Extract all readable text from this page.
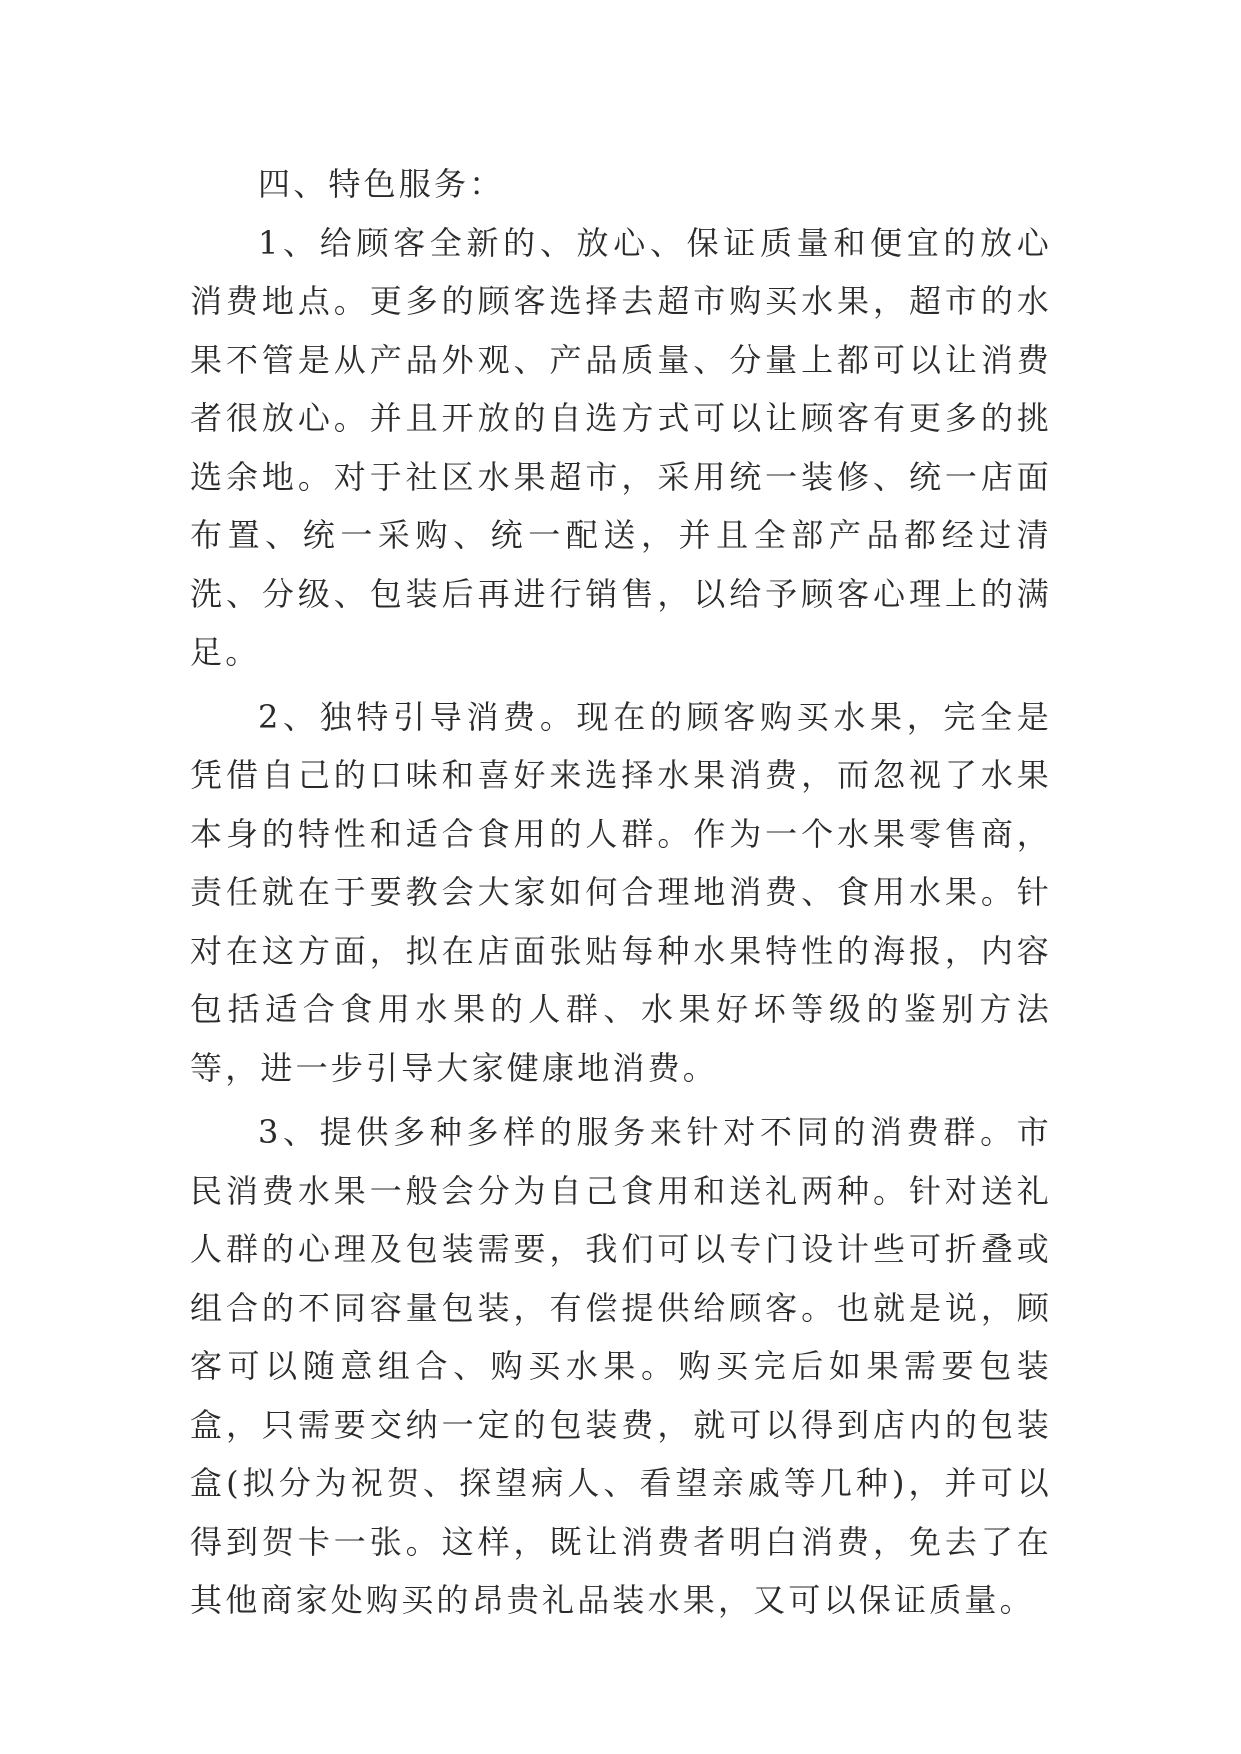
四、特色服务：

1、给顾客全新的、放心、保证质量和便宜的放心消费地点。更多的顾客选择去超市购买水果，超市的水果不管是从产品外观、产品质量、分量上都可以让消费者很放心。并且开放的自选方式可以让顾客有更多的挑选余地。对于社区水果超市，采用统一装修、统一店面布置、统一采购、统一配送，并且全部产品都经过清洗、分级、包装后再进行销售，以给予顾客心理上的满足。

2、独特引导消费。现在的顾客购买水果，完全是凭借自己的口味和喜好来选择水果消费，而忽视了水果本身的特性和适合食用的人群。作为一个水果零售商，责任就在于要教会大家如何合理地消费、食用水果。针对在这方面，拟在店面张贴每种水果特性的海报，内容包括适合食用水果的人群、水果好坏等级的鉴别方法等，进一步引导大家健康地消费。

3、提供多种多样的服务来针对不同的消费群。市民消费水果一般会分为自己食用和送礼两种。针对送礼人群的心理及包装需要，我们可以专门设计些可折叠或组合的不同容量包装，有偿提供给顾客。也就是说，顾客可以随意组合、购买水果。购买完后如果需要包装盒，只需要交纳一定的包装费，就可以得到店内的包装盒(拟分为祝贺、探望病人、看望亲戚等几种)，并可以得到贺卡一张。这样，既让消费者明白消费，免去了在其他商家处购买的昂贵礼品装水果，又可以保证质量。
